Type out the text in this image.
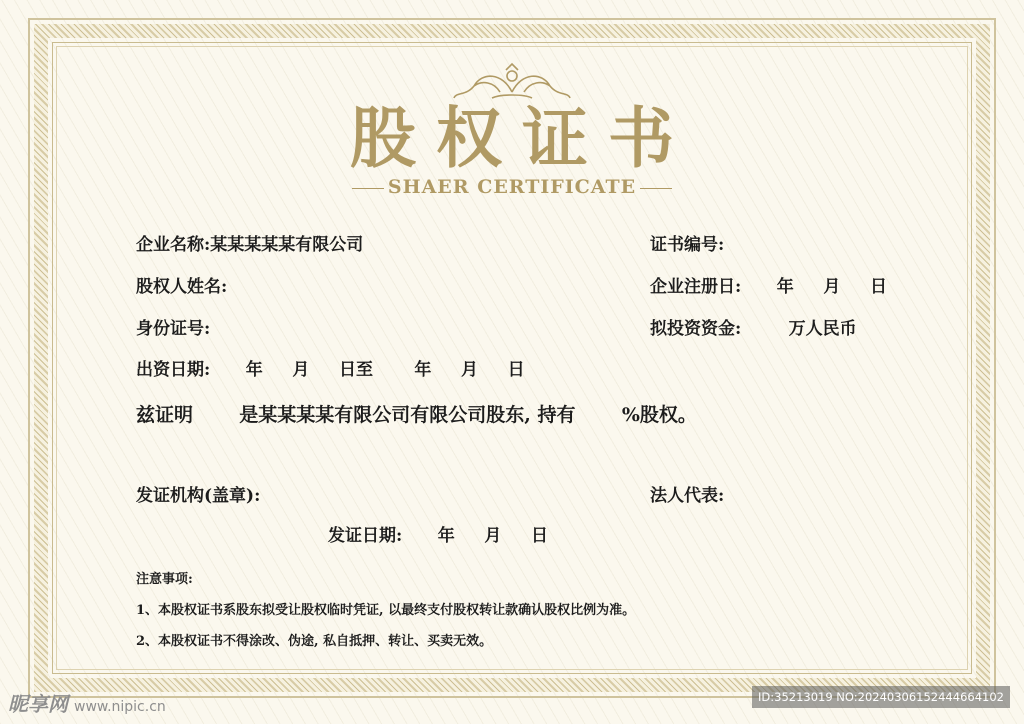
股权证书
SHAER CERTIFICATE
企业名称:某某某某某有限公司	证书编号:
股权人姓名:	企业注册日:      年     月     日
身份证号:	拟投资资金:        万人民币
出资日期:      年     月     日至       年     月     日
兹证明       是某某某某有限公司有限公司股东, 持有       %股权。
发证机构(盖章):	法人代表:
发证日期:      年     月     日
注意事项:
1、本股权证书系股东拟受让股权临时凭证, 以最终支付股权转让款确认股权比例为准。
2、本股权证书不得涂改、伪途, 私自抵押、转让、买卖无效。
昵享网 www.nipic.cn
ID:35213019 NO:20240306152444664102
